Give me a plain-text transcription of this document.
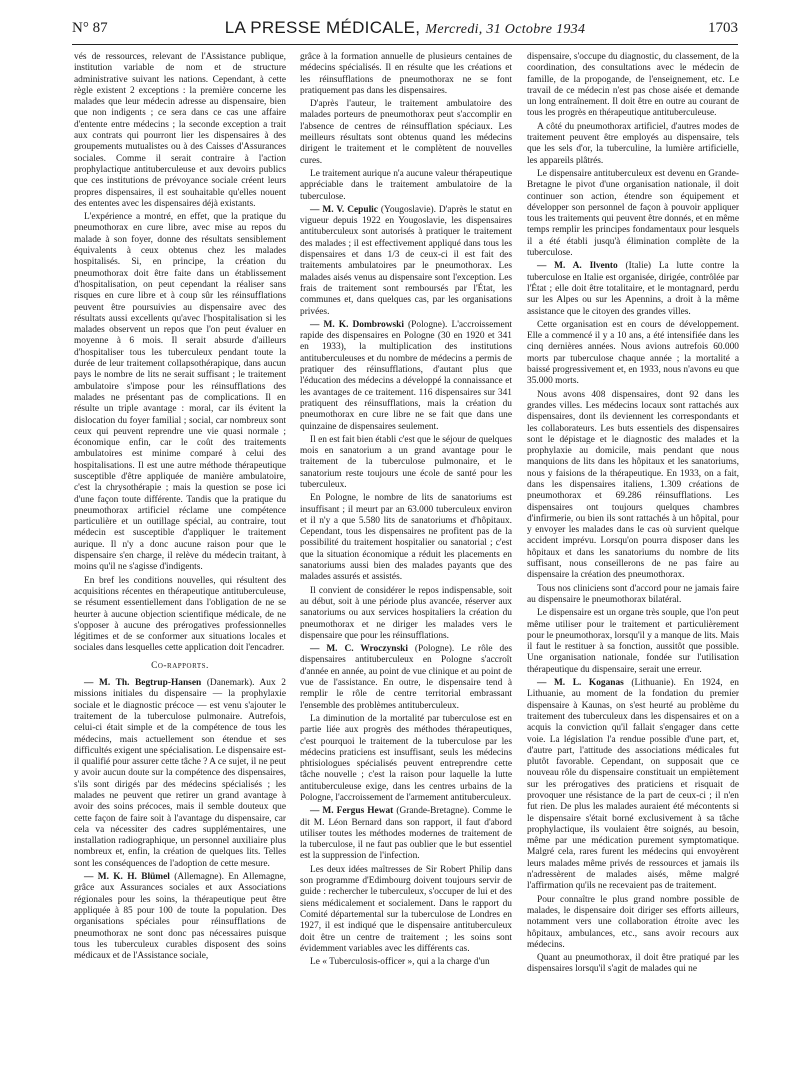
N° 87	LA PRESSE MÉDICALE, Mercredi, 31 Octobre 1934	1703

vés de ressources, relevant de l'Assistance publique, institution variable de nom et de structure administrative suivant les nations. Cependant, à cette règle existent 2 exceptions : la première concerne les malades que leur médecin adresse au dispensaire, bien que non indigents ; ce sera dans ce cas une affaire d'entente entre médecins ; la seconde exception a trait aux contrats qui pourront lier les dispensaires à des groupements mutualistes ou à des Caisses d'Assurances sociales. Comme il serait contraire à l'action prophylactique antituberculeuse et aux devoirs publics que ces institutions de prévoyance sociale créent leurs propres dispensaires, il est souhaitable qu'elles nouent des ententes avec les dispensaires déjà existants.

L'expérience a montré, en effet, que la pratique du pneumothorax en cure libre, avec mise au repos du malade à son foyer, donne des résultats sensiblement équivalents à ceux obtenus chez les malades hospitalisés. Si, en principe, la création du pneumothorax doit être faite dans un établissement d'hospitalisation, on peut cependant la réaliser sans risques en cure libre et à coup sûr les réinsufflations peuvent être poursuivies au dispensaire avec des résultats aussi excellents qu'avec l'hospitalisation si les malades observent un repos que l'on peut évaluer en moyenne à 6 mois. Il serait absurde d'ailleurs d'hospitaliser tous les tuberculeux pendant toute la durée de leur traitement collapsothérapique, dans aucun pays le nombre de lits ne serait suffisant ; le traitement ambulatoire s'impose pour les réinsufflations des malades ne présentant pas de complications. Il en résulte un triple avantage : moral, car ils évitent la dislocation du foyer familial ; social, car nombreux sont ceux qui peuvent reprendre une vie quasi normale ; économique enfin, car le coût des traitements ambulatoires est minime comparé à celui des hospitalisations. Il est une autre méthode thérapeutique susceptible d'être appliquée de manière ambulatoire, c'est la chrysothérapie ; mais la question se pose ici d'une façon toute différente. Tandis que la pratique du pneumothorax artificiel réclame une compétence particulière et un outillage spécial, au contraire, tout médecin est susceptible d'appliquer le traitement aurique. Il n'y a donc aucune raison pour que le dispensaire s'en charge, il relève du médecin traitant, à moins qu'il ne s'agisse d'indigents.

En bref les conditions nouvelles, qui résultent des acquisitions récentes en thérapeutique antituberculeuse, se résument essentiellement dans l'obligation de ne se heurter à aucune objection scientifique médicale, de ne s'opposer à aucune des prérogatives professionnelles légitimes et de se conformer aux situations locales et sociales dans lesquelles cette application doit l'encadrer.

Co-rapports.

— M. Th. Begtrup-Hansen (Danemark). Aux 2 missions initiales du dispensaire — la prophylaxie sociale et le diagnostic précoce — est venu s'ajouter le traitement de la tuberculose pulmonaire. Autrefois, celui-ci était simple et de la compétence de tous les médecins, mais actuellement son étendue et ses difficultés exigent une spécialisation. Le dispensaire est-il qualifié pour assurer cette tâche ? A ce sujet, il ne peut y avoir aucun doute sur la compétence des dispensaires, s'ils sont dirigés par des médecins spécialisés ; les malades ne peuvent que retirer un grand avantage à avoir des soins précoces, mais il semble douteux que cette façon de faire soit à l'avantage du dispensaire, car cela va nécessiter des cadres supplémentaires, une installation radiographique, un personnel auxiliaire plus nombreux et, enfin, la création de quelques lits. Telles sont les conséquences de l'adoption de cette mesure.

— M. K. H. Blümel (Allemagne). En Allemagne, grâce aux Assurances sociales et aux Associations régionales pour les soins, la thérapeutique peut être appliquée à 85 pour 100 de toute la population. Des organisations spéciales pour réinsufflations de pneumothorax ne sont donc pas nécessaires puisque tous les tuberculeux curables disposent des soins médicaux et de l'Assistance sociale,

grâce à la formation annuelle de plusieurs centaines de médecins spécialisés. Il en résulte que les créations et les réinsufflations de pneumothorax ne se font pratiquement pas dans les dispensaires.

D'après l'auteur, le traitement ambulatoire des malades porteurs de pneumothorax peut s'accomplir en l'absence de centres de réinsufflation spéciaux. Les meilleurs résultats sont obtenus quand les médecins dirigent le traitement et le complètent de nouvelles cures.

Le traitement aurique n'a aucune valeur thérapeutique appréciable dans le traitement ambulatoire de la tuberculose.

— M. V. Cepulic (Yougoslavie). D'après le statut en vigueur depuis 1922 en Yougoslavie, les dispensaires antituberculeux sont autorisés à pratiquer le traitement des malades ; il est effectivement appliqué dans tous les dispensaires et dans 1/3 de ceux-ci il est fait des traitements ambulatoires par le pneumothorax. Les malades aisés venus au dispensaire sont l'exception. Les frais de traitement sont remboursés par l'État, les communes et, dans quelques cas, par les organisations privées.

— M. K. Dombrowski (Pologne). L'accroissement rapide des dispensaires en Pologne (30 en 1920 et 341 en 1933), la multiplication des institutions antituberculeuses et du nombre de médecins a permis de pratiquer des réinsufflations, d'autant plus que l'éducation des médecins a développé la connaissance et les avantages de ce traitement. 116 dispensaires sur 341 pratiquent des réinsufflations, mais la création du pneumothorax en cure libre ne se fait que dans une quinzaine de dispensaires seulement.

Il en est fait bien établi c'est que le séjour de quelques mois en sanatorium a un grand avantage pour le traitement de la tuberculose pulmonaire, et le sanatorium reste toujours une école de santé pour les tuberculeux.

En Pologne, le nombre de lits de sanatoriums est insuffisant ; il meurt par an 63.000 tuberculeux environ et il n'y a que 5.580 lits de sanatoriums et d'hôpitaux. Cependant, tous les dispensaires ne profitent pas de la possibilité du traitement hospitalier ou sanatorial ; c'est que la situation économique a réduit les placements en sanatoriums aussi bien des malades payants que des malades assurés et assistés.

Il convient de considérer le repos indispensable, soit au début, soit à une période plus avancée, réserver aux sanatoriums ou aux services hospitaliers la création du pneumothorax et ne diriger les malades vers le dispensaire que pour les réinsufflations.

— M. C. Wroczynski (Pologne). Le rôle des dispensaires antituberculeux en Pologne s'accroît d'année en année, au point de vue clinique et au point de vue de l'assistance. En outre, le dispensaire tend à remplir le rôle de centre territorial embrassant l'ensemble des problèmes antituberculeux.

La diminution de la mortalité par tuberculose est en partie liée aux progrès des méthodes thérapeutiques, c'est pourquoi le traitement de la tuberculose par les médecins praticiens est insuffisant, seuls les médecins phtisiologues spécialisés peuvent entreprendre cette tâche nouvelle ; c'est la raison pour laquelle la lutte antituberculeuse exige, dans les centres urbains de la Pologne, l'accroissement de l'armement antituberculeux.

— M. Fergus Hewat (Grande-Bretagne). Comme le dit M. Léon Bernard dans son rapport, il faut d'abord utiliser toutes les méthodes modernes de traitement de la tuberculose, il ne faut pas oublier que le but essentiel est la suppression de l'infection.

Les deux idées maîtresses de Sir Robert Philip dans son programme d'Edimbourg doivent toujours servir de guide : rechercher le tuberculeux, s'occuper de lui et des siens médicalement et socialement. Dans le rapport du Comité départemental sur la tuberculose de Londres en 1927, il est indiqué que le dispensaire antituberculeux doit être un centre de traitement ; les soins sont évidemment variables avec les différents cas.

Le « Tuberculosis-officer », qui a la charge d'un

dispensaire, s'occupe du diagnostic, du classement, de la coordination, des consultations avec le médecin de famille, de la propogande, de l'enseignement, etc. Le travail de ce médecin n'est pas chose aisée et demande un long entraînement. Il doit être en outre au courant de tous les progrès en thérapeutique antituberculeuse.

A côté du pneumothorax artificiel, d'autres modes de traitement peuvent être employés au dispensaire, tels que les sels d'or, la tuberculine, la lumière artificielle, les appareils plâtrés.

Le dispensaire antituberculeux est devenu en Grande-Bretagne le pivot d'une organisation nationale, il doit continuer son action, étendre son équipement et développer son personnel de façon à pouvoir appliquer tous les traitements qui peuvent être donnés, et en même temps remplir les principes fondamentaux pour lesquels il a été établi jusqu'à élimination complète de la tuberculose.

— M. A. Ilvento (Italie) La lutte contre la tuberculose en Italie est organisée, dirigée, contrôlée par l'État ; elle doit être totalitaire, et le montagnard, perdu sur les Alpes ou sur les Apennins, a droit à la même assistance que le citoyen des grandes villes.

Cette organisation est en cours de développement. Elle a commencé il y a 10 ans, a été intensifiée dans les cinq dernières années. Nous avions autrefois 60.000 morts par tuberculose chaque année ; la mortalité a baissé progressivement et, en 1933, nous n'avons eu que 35.000 morts.

Nous avons 408 dispensaires, dont 92 dans les grandes villes. Les médecins locaux sont rattachés aux dispensaires, dont ils deviennent les correspondants et les collaborateurs. Les buts essentiels des dispensaires sont le dépistage et le diagnostic des malades et la prophylaxie au domicile, mais pendant que nous manquions de lits dans les hôpitaux et les sanatoriums, nous y faisions de la thérapeutique. En 1933, on a fait, dans les dispensaires italiens, 1.309 créations de pneumothorax et 69.286 réinsufflations. Les dispensaires ont toujours quelques chambres d'infirmerie, ou bien ils sont rattachés à un hôpital, pour y envoyer les malades dans le cas où survient quelque accident imprévu. Lorsqu'on pourra disposer dans les hôpitaux et dans les sanatoriums du nombre de lits suffisant, nous conseillerons de ne pas faire au dispensaire la création des pneumothorax.

Tous nos cliniciens sont d'accord pour ne jamais faire au dispensaire le pneumothorax bilatéral.

Le dispensaire est un organe très souple, que l'on peut même utiliser pour le traitement et particulièrement pour le pneumothorax, lorsqu'il y a manque de lits. Mais il faut le restituer à sa fonction, aussitôt que possible. Une organisation nationale, fondée sur l'utilisation thérapeutique du dispensaire, serait une erreur.

— M. L. Koganas (Lithuanie). En 1924, en Lithuanie, au moment de la fondation du premier dispensaire à Kaunas, on s'est heurté au problème du traitement des tuberculeux dans les dispensaires et on a acquis la conviction qu'il fallait s'engager dans cette voie. La législation l'a rendue possible d'une part, et, d'autre part, l'attitude des associations médicales fut plutôt favorable. Cependant, on supposait que ce nouveau rôle du dispensaire constituait un empiètement sur les prérogatives des praticiens et risquait de provoquer une résistance de la part de ceux-ci ; il n'en fut rien. De plus les malades auraient été mécontents si le dispensaire s'était borné exclusivement à sa tâche prophylactique, ils voulaient être soignés, au besoin, même par une médication purement symptomatique. Malgré cela, rares furent les médecins qui envoyèrent leurs malades même privés de ressources et jamais ils n'adressèrent de malades aisés, même malgré l'affirmation qu'ils ne recevaient pas de traitement.

Pour connaître le plus grand nombre possible de malades, le dispensaire doit diriger ses efforts ailleurs, notamment vers une collaboration étroite avec les hôpitaux, ambulances, etc., sans avoir recours aux médecins.

Quant au pneumothorax, il doit être pratiqué par les dispensaires lorsqu'il s'agit de malades qui ne
